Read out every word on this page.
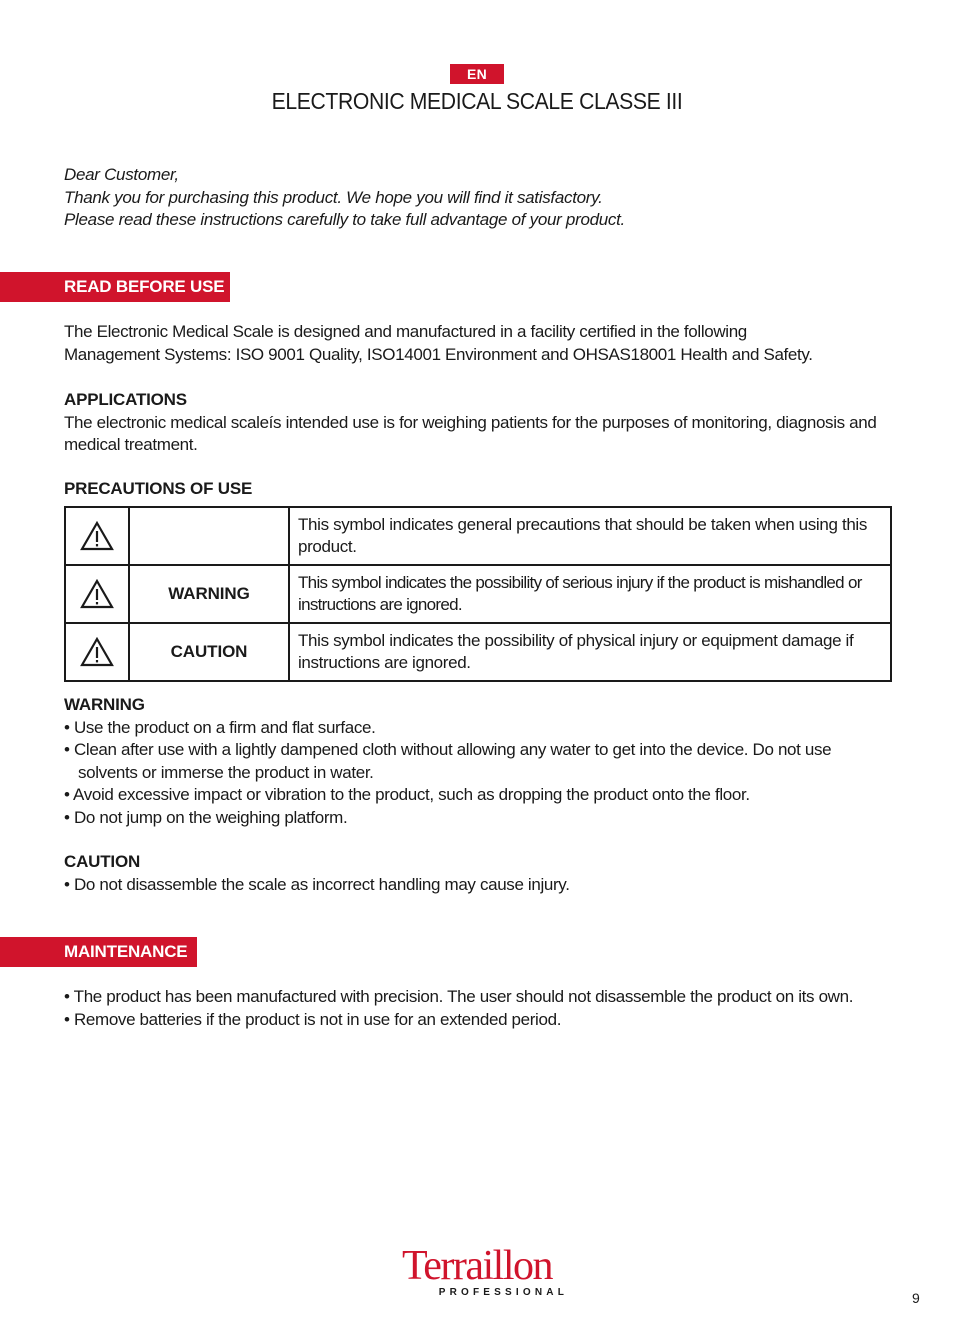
EN
ELECTRONIC MEDICAL SCALE CLASSE III
Dear Customer,
Thank you for purchasing this product. We hope you will find it satisfactory.
Please read these instructions carefully to take full advantage of your product.
READ BEFORE USE
The Electronic Medical Scale is designed and manufactured in a facility certified in the following
Management Systems: ISO 9001 Quality, ISO14001 Environment and OHSAS18001 Health and Safety.
APPLICATIONS
The electronic medical scaleís intended use is for weighing patients for the purposes of monitoring, diagnosis and medical treatment.
PRECAUTIONS OF USE
		This symbol indicates general precautions that should be taken when using this product.

	WARNING	This symbol indicates the possibility of serious injury if the product is mishandled or instructions are ignored.

	CAUTION	This symbol indicates the possibility of physical injury or equipment damage if instructions are ignored.
WARNING
• Use the product on a firm and flat surface.
• Clean after use with a lightly dampened cloth without allowing any water to get into the device. Do not use
solvents or immerse the product in water.
• Avoid excessive impact or vibration to the product, such as dropping the product onto the floor.
• Do not jump on the weighing platform.
CAUTION
• Do not disassemble the scale as incorrect handling may cause injury.
MAINTENANCE
• The product has been manufactured with precision. The user should not disassemble the product on its own.
• Remove batteries if the product is not in use for an extended period.
Terraillon
PROFESSIONAL	9
